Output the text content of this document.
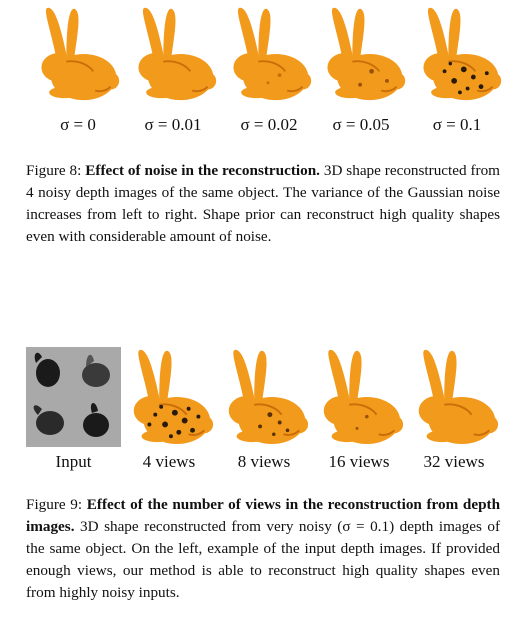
σ = 0	σ = 0.01	σ = 0.02	σ = 0.05	σ = 0.1
Figure 8: Effect of noise in the reconstruction. 3D shape reconstructed from 4 noisy depth images of the same object. The variance of the Gaussian noise increases from left to right. Shape prior can reconstruct high quality shapes even with considerable amount of noise.
Input	4 views	8 views	16 views	32 views
Figure 9: Effect of the number of views in the reconstruction from depth images. 3D shape reconstructed from very noisy (σ = 0.1) depth images of the same object. On the left, example of the input depth images. If provided enough views, our method is able to reconstruct high quality shapes even from highly noisy inputs.
